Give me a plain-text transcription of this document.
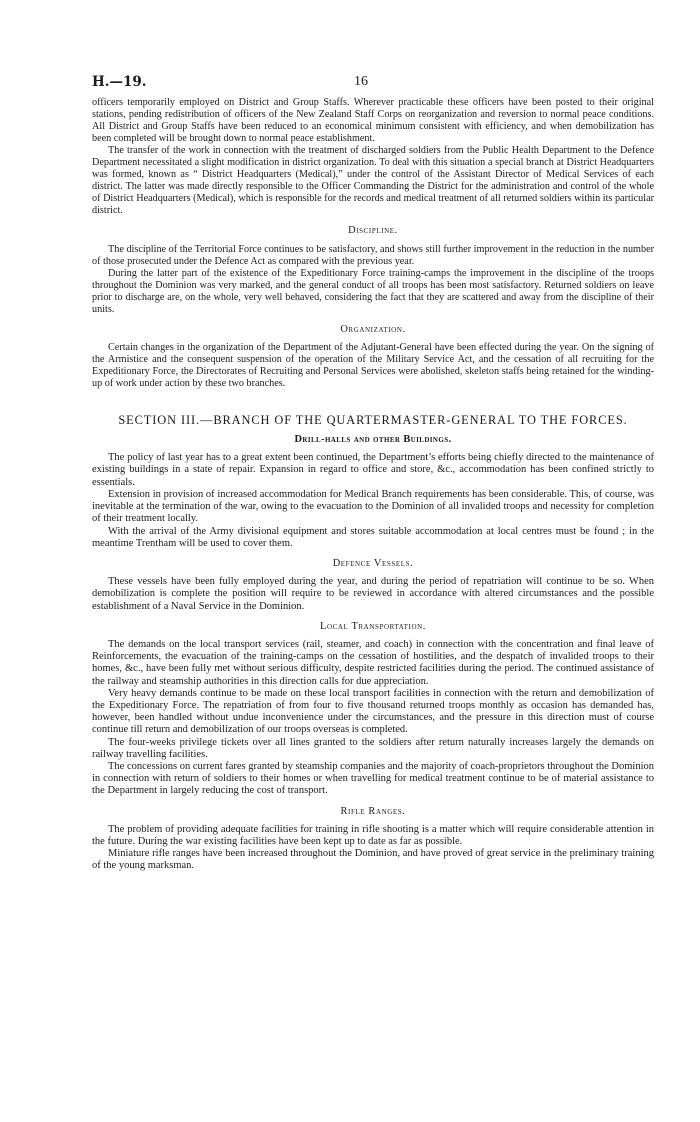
H.—19.	16

officers temporarily employed on District and Group Staffs. Wherever practicable these officers have been posted to their original stations, pending redistribution of officers of the New Zealand Staff Corps on reorganization and reversion to normal peace conditions. All District and Group Staffs have been reduced to an economical minimum consistent with efficiency, and when demobilization has been completed will be brought down to normal peace establishment.

The transfer of the work in connection with the treatment of discharged soldiers from the Public Health Department to the Defence Department necessitated a slight modification in district organization. To deal with this situation a special branch at District Headquarters was formed, known as “ District Headquarters (Medical),” under the control of the Assistant Director of Medical Services of each district. The latter was made directly responsible to the Officer Commanding the District for the administration and control of the whole of District Headquarters (Medical), which is responsible for the records and medical treatment of all returned soldiers within its particular district.

Discipline.

The discipline of the Territorial Force continues to be satisfactory, and shows still further improvement in the reduction in the number of those prosecuted under the Defence Act as compared with the previous year.

During the latter part of the existence of the Expeditionary Force training-camps the improvement in the discipline of the troops throughout the Dominion was very marked, and the general conduct of all troops has been most satisfactory. Returned soldiers on leave prior to discharge are, on the whole, very well behaved, considering the fact that they are scattered and away from the discipline of their units.

Organization.

Certain changes in the organization of the Department of the Adjutant-General have been effected during the year. On the signing of the Armistice and the consequent suspension of the operation of the Military Service Act, and the cessation of all recruiting for the Expeditionary Force, the Directorates of Recruiting and Personal Services were abolished, skeleton staffs being retained for the winding-up of work under action by these two branches.

SECTION III.—BRANCH OF THE QUARTERMASTER-GENERAL TO THE FORCES.
Drill-halls and other Buildings.

The policy of last year has to a great extent been continued, the Department’s efforts being chiefly directed to the maintenance of existing buildings in a state of repair. Expansion in regard to office and store, &c., accommodation has been confined strictly to essentials.

Extension in provision of increased accommodation for Medical Branch requirements has been considerable. This, of course, was inevitable at the termination of the war, owing to the evacuation to the Dominion of all invalided troops and necessity for completion of their treatment locally.

With the arrival of the Army divisional equipment and stores suitable accommodation at local centres must be found ; in the meantime Trentham will be used to cover them.

Defence Vessels.

These vessels have been fully employed during the year, and during the period of repatriation will continue to be so. When demobilization is complete the position will require to be reviewed in accordance with altered circumstances and the possible establishment of a Naval Service in the Dominion.

Local Transportation.

The demands on the local transport services (rail, steamer, and coach) in connection with the concentration and final leave of Reinforcements, the evacuation of the training-camps on the cessation of hostilities, and the despatch of invalided troops to their homes, &c., have been fully met without serious difficulty, despite restricted facilities during the period. The continued assistance of the railway and steamship authorities in this direction calls for due appreciation.

Very heavy demands continue to be made on these local transport facilities in connection with the return and demobilization of the Expeditionary Force. The repatriation of from four to five thousand returned troops monthly as occasion has demanded has, however, been handled without undue inconvenience under the circumstances, and the pressure in this direction must of course continue till return and demobilization of our troops overseas is completed.

The four-weeks privilege tickets over all lines granted to the soldiers after return naturally increases largely the demands on railway travelling facilities.

The concessions on current fares granted by steamship companies and the majority of coach-proprietors throughout the Dominion in connection with return of soldiers to their homes or when travelling for medical treatment continue to be of material assistance to the Department in largely reducing the cost of transport.

Rifle Ranges.

The problem of providing adequate facilities for training in rifle shooting is a matter which will require considerable attention in the future. During the war existing facilities have been kept up to date as far as possible.

Miniature rifle ranges have been increased throughout the Dominion, and have proved of great service in the preliminary training of the young marksman.
